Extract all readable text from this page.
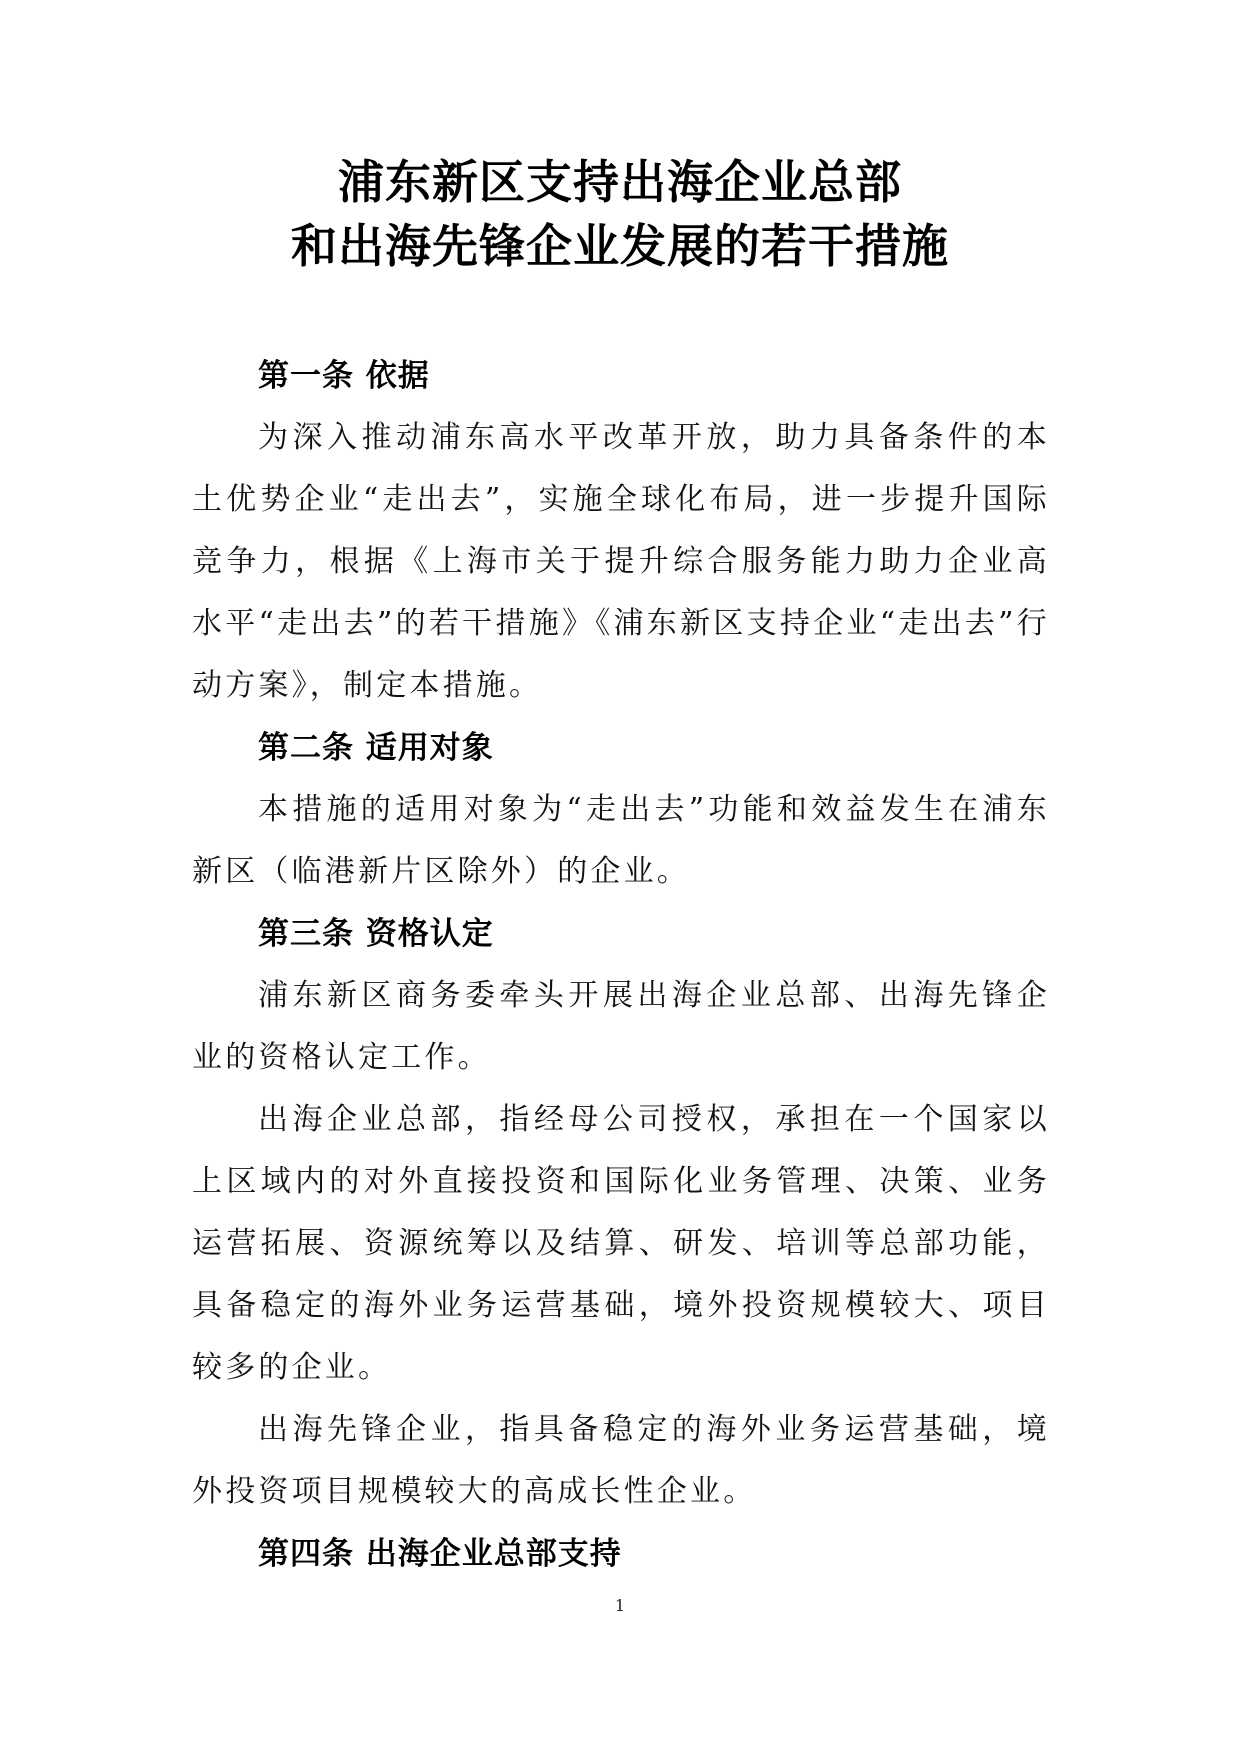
浦东新区支持出海企业总部
和出海先锋企业发展的若干措施
第一条 依据
为深入推动浦东高水平改革开放，助力具备条件的本土优势企业“走出去”，实施全球化布局，进一步提升国际竞争力，根据《上海市关于提升综合服务能力助力企业高水平“走出去”的若干措施》《浦东新区支持企业“走出去”行动方案》，制定本措施。
第二条 适用对象
本措施的适用对象为“走出去”功能和效益发生在浦东新区（临港新片区除外）的企业。
第三条 资格认定
浦东新区商务委牵头开展出海企业总部、出海先锋企业的资格认定工作。
出海企业总部，指经母公司授权，承担在一个国家以上区域内的对外直接投资和国际化业务管理、决策、业务运营拓展、资源统筹以及结算、研发、培训等总部功能，具备稳定的海外业务运营基础，境外投资规模较大、项目较多的企业。
出海先锋企业，指具备稳定的海外业务运营基础，境外投资项目规模较大的高成长性企业。
第四条 出海企业总部支持
1
